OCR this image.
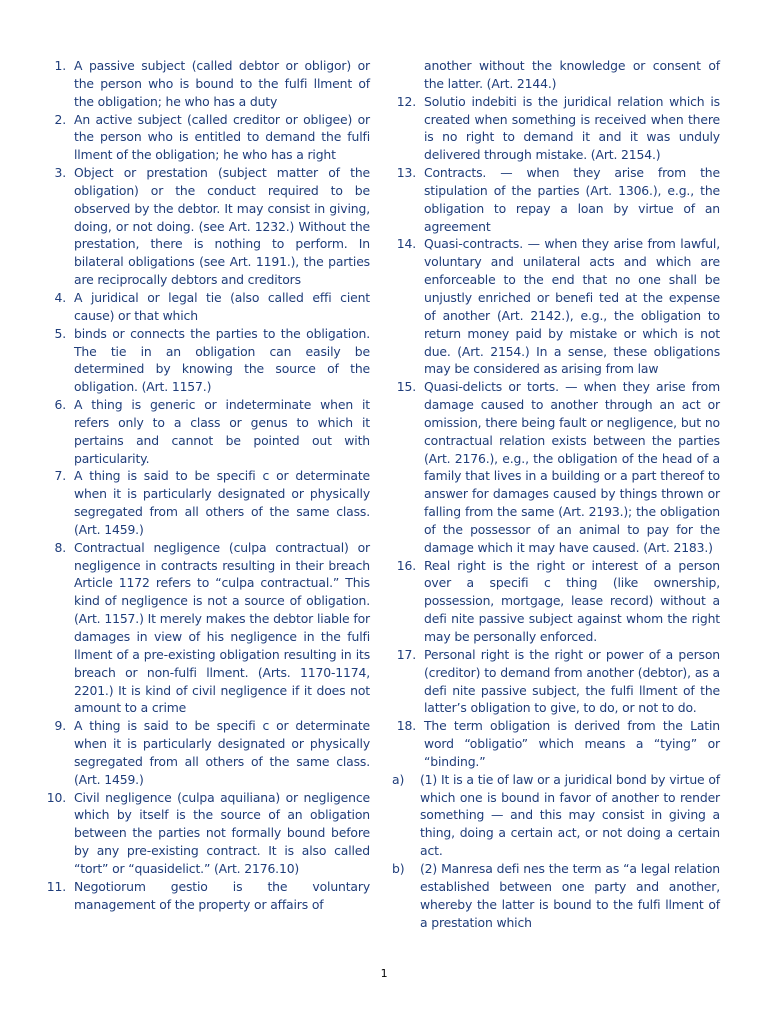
1. A passive subject (called debtor or obligor) or the person who is bound to the fulfi llment of the obligation; he who has a duty
2. An active subject (called creditor or obligee) or the person who is entitled to demand the fulfi llment of the obligation; he who has a right
3. Object or prestation (subject matter of the obligation) or the conduct required to be observed by the debtor. It may consist in giving, doing, or not doing. (see Art. 1232.) Without the prestation, there is nothing to perform. In bilateral obligations (see Art. 1191.), the parties are reciprocally debtors and creditors
4. A juridical or legal tie (also called effi cient cause) or that which
5. binds or connects the parties to the obligation. The tie in an obligation can easily be determined by knowing the source of the obligation. (Art. 1157.)
6. A thing is generic or indeterminate when it refers only to a class or genus to which it pertains and cannot be pointed out with particularity.
7. A thing is said to be specifi c or determinate when it is particularly designated or physically segregated from all others of the same class. (Art. 1459.)
8. Contractual negligence (culpa contractual) or negligence in contracts resulting in their breach Article 1172 refers to “culpa contractual.” This kind of negligence is not a source of obligation. (Art. 1157.) It merely makes the debtor liable for damages in view of his negligence in the fulfi llment of a pre-existing obligation resulting in its breach or non-fulfi llment. (Arts. 1170-1174, 2201.) It is kind of civil negligence if it does not amount to a crime
9. A thing is said to be specifi c or determinate when it is particularly designated or physically segregated from all others of the same class. (Art. 1459.)
10. Civil negligence (culpa aquiliana) or negligence which by itself is the source of an obligation between the parties not formally bound before by any pre-existing contract. It is also called “tort” or “quasidelict.” (Art. 2176.10)
11. Negotiorum gestio is the voluntary management of the property or affairs of
another without the knowledge or consent of the latter. (Art. 2144.)
12. Solutio indebiti is the juridical relation which is created when something is received when there is no right to demand it and it was unduly delivered through mistake. (Art. 2154.)
13. Contracts. — when they arise from the stipulation of the parties (Art. 1306.), e.g., the obligation to repay a loan by virtue of an agreement
14. Quasi-contracts. — when they arise from lawful, voluntary and unilateral acts and which are enforceable to the end that no one shall be unjustly enriched or benefi ted at the expense of another (Art. 2142.), e.g., the obligation to return money paid by mistake or which is not due. (Art. 2154.) In a sense, these obligations may be considered as arising from law
15. Quasi-delicts or torts. — when they arise from damage caused to another through an act or omission, there being fault or negligence, but no contractual relation exists between the parties (Art. 2176.), e.g., the obligation of the head of a family that lives in a building or a part thereof to answer for damages caused by things thrown or falling from the same (Art. 2193.); the obligation of the possessor of an animal to pay for the damage which it may have caused. (Art. 2183.)
16. Real right is the right or interest of a person over a specifi c thing (like ownership, possession, mortgage, lease record) without a defi nite passive subject against whom the right may be personally enforced.
17. Personal right is the right or power of a person (creditor) to demand from another (debtor), as a defi nite passive subject, the fulfi llment of the latter’s obligation to give, to do, or not to do.
18. The term obligation is derived from the Latin word “obligatio” which means a “tying” or “binding.”
a) (1) It is a tie of law or a juridical bond by virtue of which one is bound in favor of another to render something — and this may consist in giving a thing, doing a certain act, or not doing a certain act.
b) (2) Manresa defi nes the term as “a legal relation established between one party and another, whereby the latter is bound to the fulfi llment of a prestation which
1
